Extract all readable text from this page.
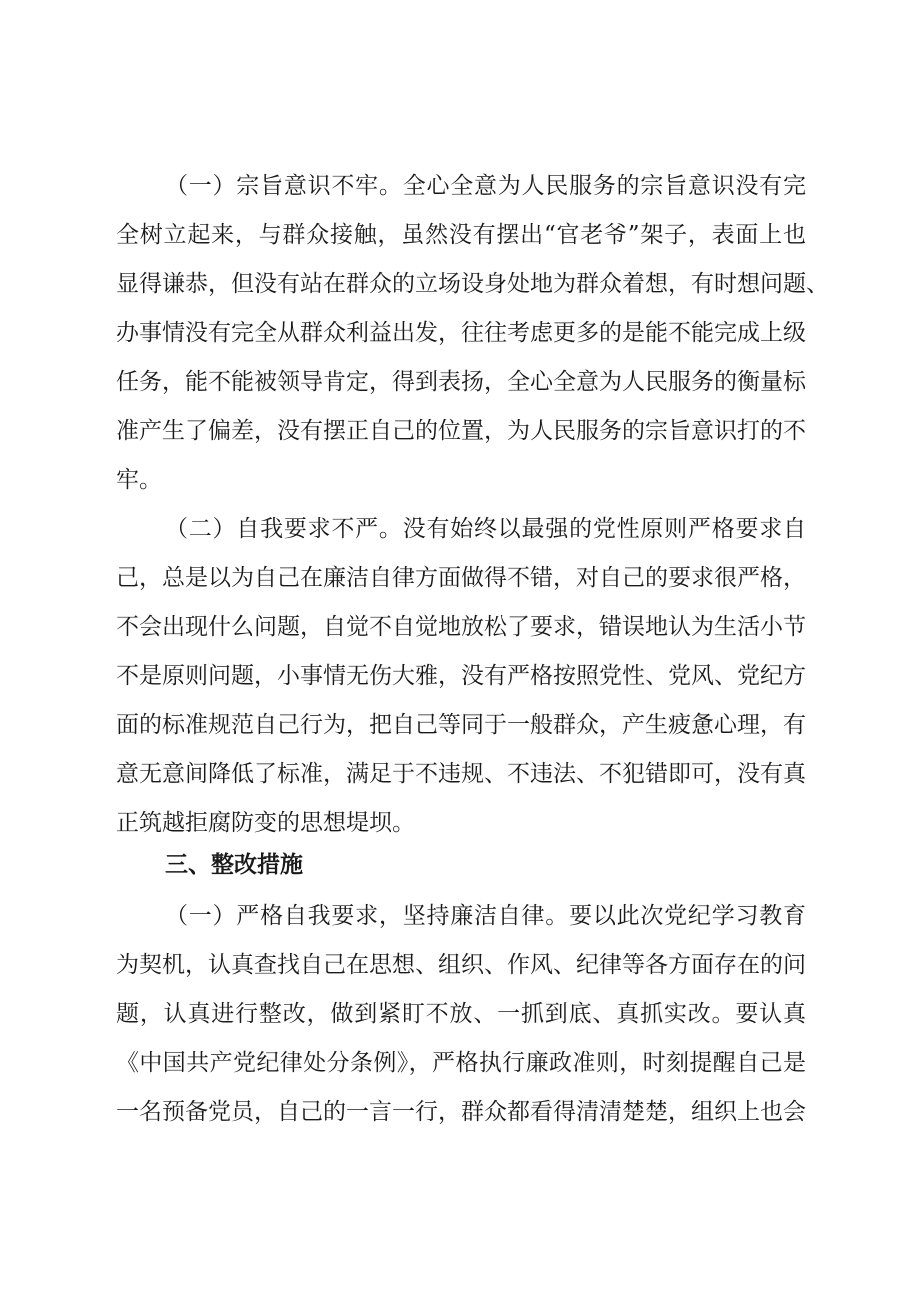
（一）宗旨意识不牢。全心全意为人民服务的宗旨意识没有完
全树立起来，与群众接触，虽然没有摆出“官老爷”架子，表面上也
显得谦恭，但没有站在群众的立场设身处地为群众着想，有时想问题、
办事情没有完全从群众利益出发，往往考虑更多的是能不能完成上级
任务，能不能被领导肯定，得到表扬，全心全意为人民服务的衡量标
准产生了偏差，没有摆正自己的位置，为人民服务的宗旨意识打的不
牢。
（二）自我要求不严。没有始终以最强的党性原则严格要求自
己，总是以为自己在廉洁自律方面做得不错，对自己的要求很严格，
不会出现什么问题，自觉不自觉地放松了要求，错误地认为生活小节
不是原则问题，小事情无伤大雅，没有严格按照党性、党风、党纪方
面的标准规范自己行为，把自己等同于一般群众，产生疲惫心理，有
意无意间降低了标准，满足于不违规、不违法、不犯错即可，没有真
正筑越拒腐防变的思想堤坝。
三、整改措施
（一）严格自我要求，坚持廉洁自律。要以此次党纪学习教育
为契机，认真查找自己在思想、组织、作风、纪律等各方面存在的问
题，认真进行整改，做到紧盯不放、一抓到底、真抓实改。要认真
《中国共产党纪律处分条例》，严格执行廉政准则，时刻提醒自己是
一名预备党员，自己的一言一行，群众都看得清清楚楚，组织上也会
